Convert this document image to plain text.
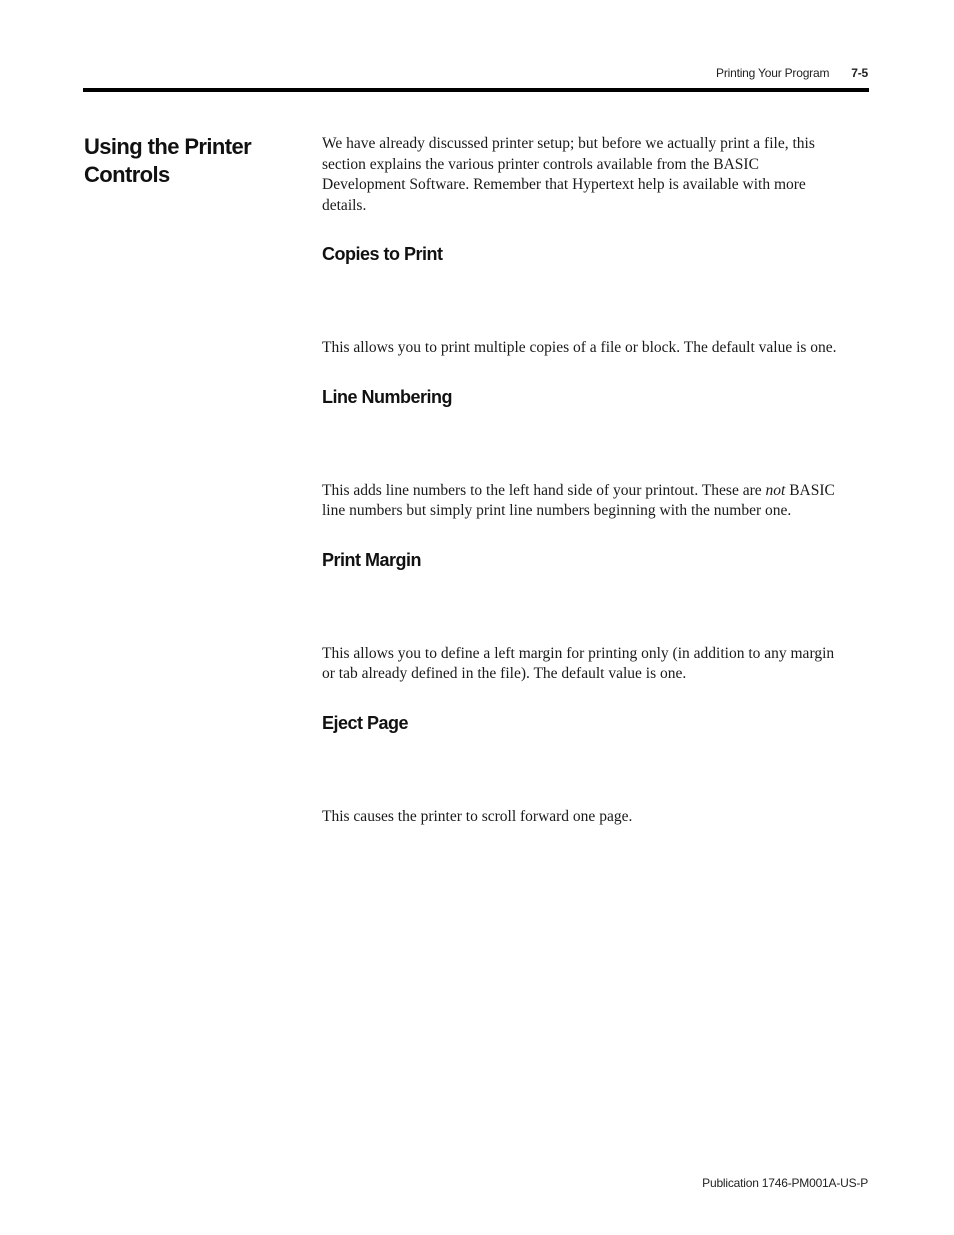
Printing Your Program 7-5
Using the Printer
Controls

We have already discussed printer setup; but before we actually print a file, this
section explains the various printer controls available from the BASIC
Development Software. Remember that Hypertext help is available with more
details.

Copies to Print

This allows you to print multiple copies of a file or block. The default value is one.

Line Numbering

This adds line numbers to the left hand side of your printout. These are not BASIC
line numbers but simply print line numbers beginning with the number one.

Print Margin

This allows you to define a left margin for printing only (in addition to any margin
or tab already defined in the file). The default value is one.

Eject Page

This causes the printer to scroll forward one page.

Publication 1746-PM001A-US-P
